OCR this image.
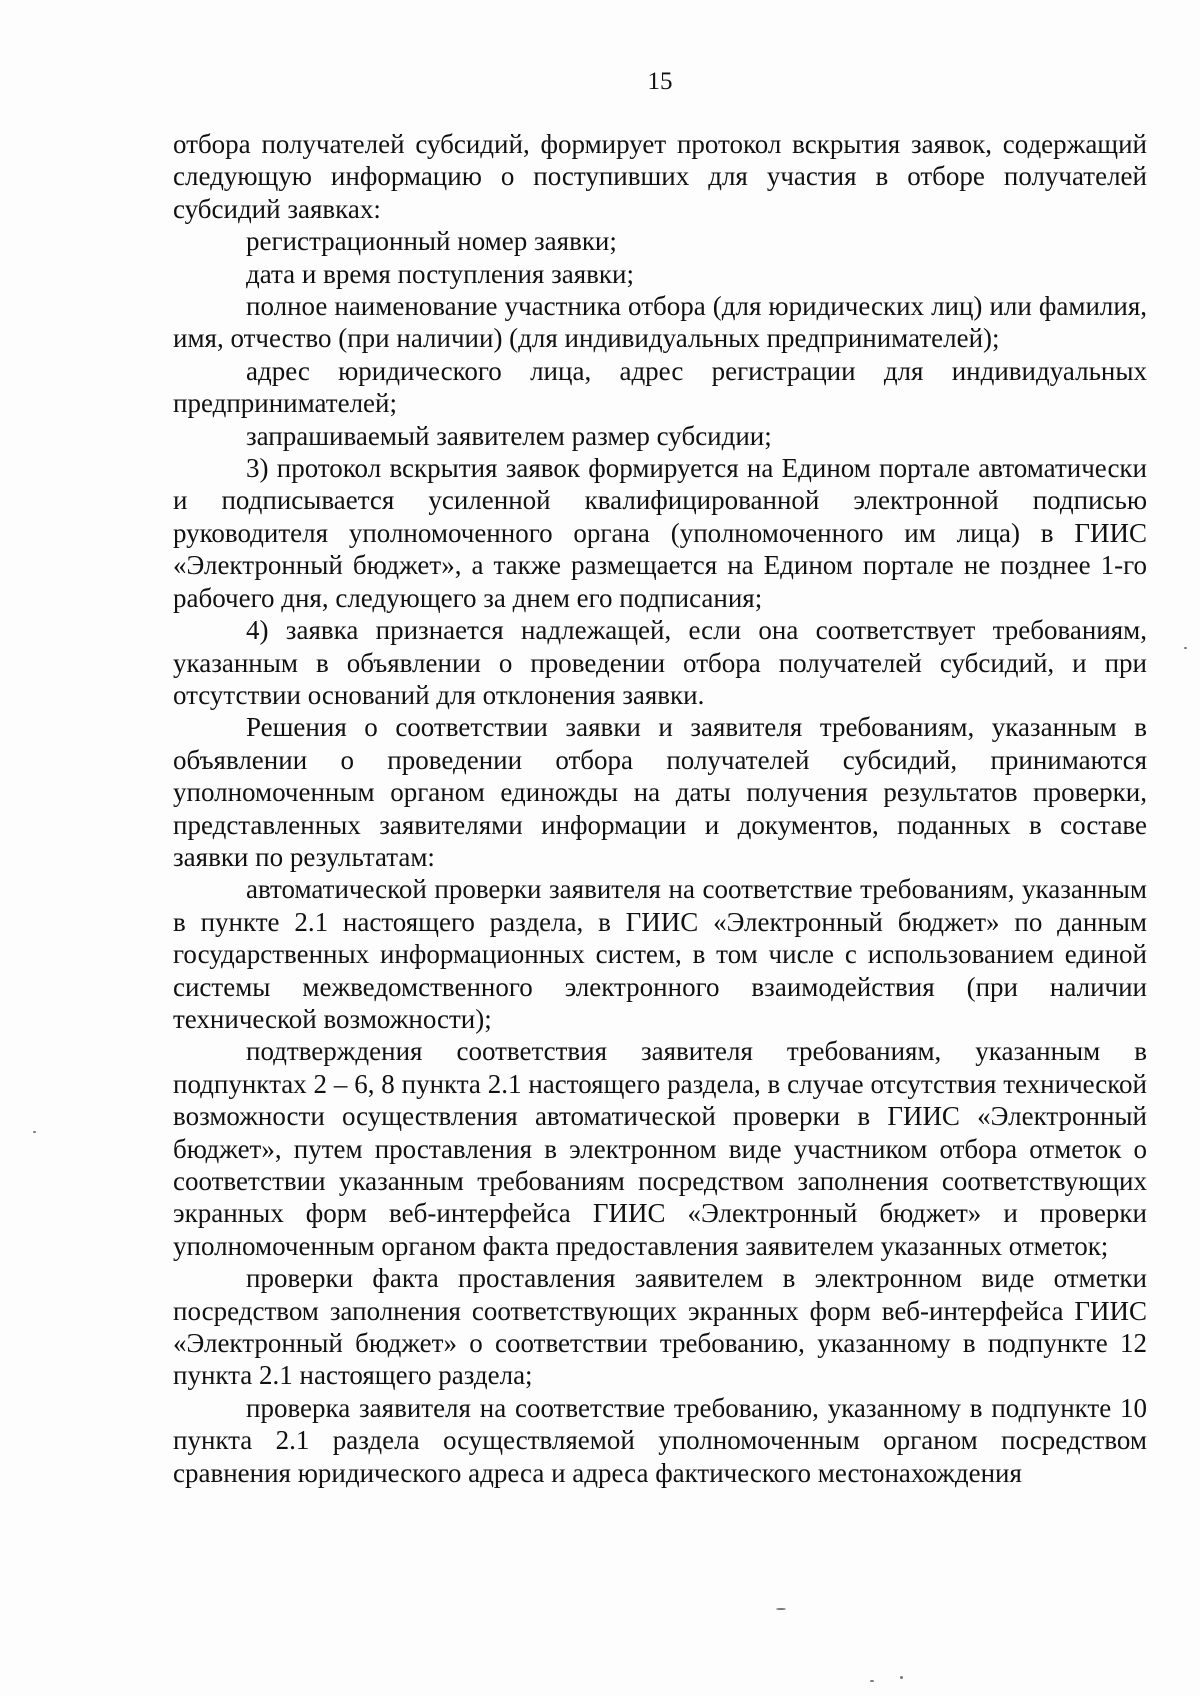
15

отбора получателей субсидий, формирует протокол вскрытия заявок, содержащий следующую информацию о поступивших для участия в отборе получателей субсидий заявках:

регистрационный номер заявки;

дата и время поступления заявки;

полное наименование участника отбора (для юридических лиц) или фамилия, имя, отчество (при наличии) (для индивидуальных предпринимателей);

адрес юридического лица, адрес регистрации для индивидуальных предпринимателей;

запрашиваемый заявителем размер субсидии;

3) протокол вскрытия заявок формируется на Едином портале автоматически и подписывается усиленной квалифицированной электронной подписью руководителя уполномоченного органа (уполномоченного им лица) в ГИИС «Электронный бюджет», а также размещается на Едином портале не позднее 1-го рабочего дня, следующего за днем его подписания;

4) заявка признается надлежащей, если она соответствует требованиям, указанным в объявлении о проведении отбора получателей субсидий, и при отсутствии оснований для отклонения заявки.

Решения о соответствии заявки и заявителя требованиям, указанным в объявлении о проведении отбора получателей субсидий, принимаются уполномоченным органом единожды на даты получения результатов проверки, представленных заявителями информации и документов, поданных в составе заявки по результатам:

автоматической проверки заявителя на соответствие требованиям, указанным в пункте 2.1 настоящего раздела, в ГИИС «Электронный бюджет» по данным государственных информационных систем, в том числе с использованием единой системы межведомственного электронного взаимодействия (при наличии технической возможности);

подтверждения соответствия заявителя требованиям, указанным в подпунктах 2 – 6, 8 пункта 2.1 настоящего раздела, в случае отсутствия технической возможности осуществления автоматической проверки в ГИИС «Электронный бюджет», путем проставления в электронном виде участником отбора отметок о соответствии указанным требованиям посредством заполнения соответствующих экранных форм веб-интерфейса ГИИС «Электронный бюджет» и проверки уполномоченным органом факта предоставления заявителем указанных отметок;

проверки факта проставления заявителем в электронном виде отметки посредством заполнения соответствующих экранных форм веб-интерфейса ГИИС «Электронный бюджет» о соответствии требованию, указанному в подпункте 12 пункта 2.1 настоящего раздела;

проверка заявителя на соответствие требованию, указанному в подпункте 10 пункта 2.1 раздела осуществляемой уполномоченным органом посредством сравнения юридического адреса и адреса фактического местонахождения
